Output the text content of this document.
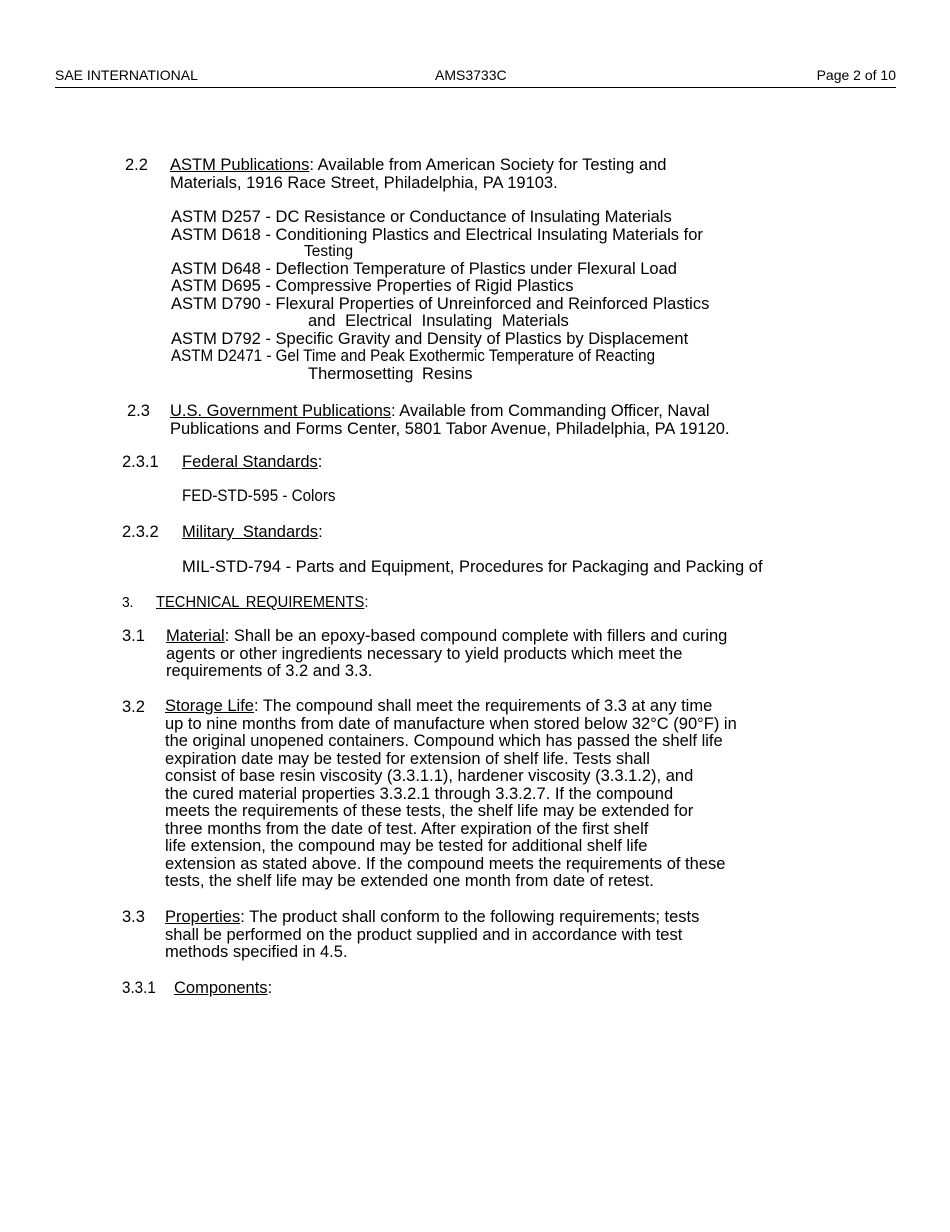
SAE INTERNATIONAL	AMS3733C	Page 2 of 10
2.2 ASTM Publications: Available from American Society for Testing and
Materials, 1916 Race Street, Philadelphia, PA 19103.
ASTM D257 - DC Resistance or Conductance of Insulating Materials
ASTM D618 - Conditioning Plastics and Electrical Insulating Materials for
Testing
ASTM D648 - Deflection Temperature of Plastics under Flexural Load
ASTM D695 - Compressive Properties of Rigid Plastics
ASTM D790 - Flexural Properties of Unreinforced and Reinforced Plastics
and Electrical Insulating Materials
ASTM D792 - Specific Gravity and Density of Plastics by Displacement
ASTM D2471 - Gel Time and Peak Exothermic Temperature of Reacting
Thermosetting Resins
2.3 U.S. Government Publications: Available from Commanding Officer, Naval
Publications and Forms Center, 5801 Tabor Avenue, Philadelphia, PA 19120.
2.3.1 Federal Standards:
FED-STD-595 - Colors
2.3.2 Military Standards:
MIL-STD-794 - Parts and Equipment, Procedures for Packaging and Packing of
3. TECHNICAL REQUIREMENTS:
3.1 Material: Shall be an epoxy-based compound complete with fillers and curing
agents or other ingredients necessary to yield products which meet the
requirements of 3.2 and 3.3.
3.2 Storage Life: The compound shall meet the requirements of 3.3 at any time
up to nine months from date of manufacture when stored below 32°C (90°F) in
the original unopened containers. Compound which has passed the shelf life
expiration date may be tested for extension of shelf life. Tests shall
consist of base resin viscosity (3.3.1.1), hardener viscosity (3.3.1.2), and
the cured material properties 3.3.2.1 through 3.3.2.7. If the compound
meets the requirements of these tests, the shelf life may be extended for
three months from the date of test. After expiration of the first shelf
life extension, the compound may be tested for additional shelf life
extension as stated above. If the compound meets the requirements of these
tests, the shelf life may be extended one month from date of retest.
3.3 Properties: The product shall conform to the following requirements; tests
shall be performed on the product supplied and in accordance with test
methods specified in 4.5.
3.3.1 Components:
